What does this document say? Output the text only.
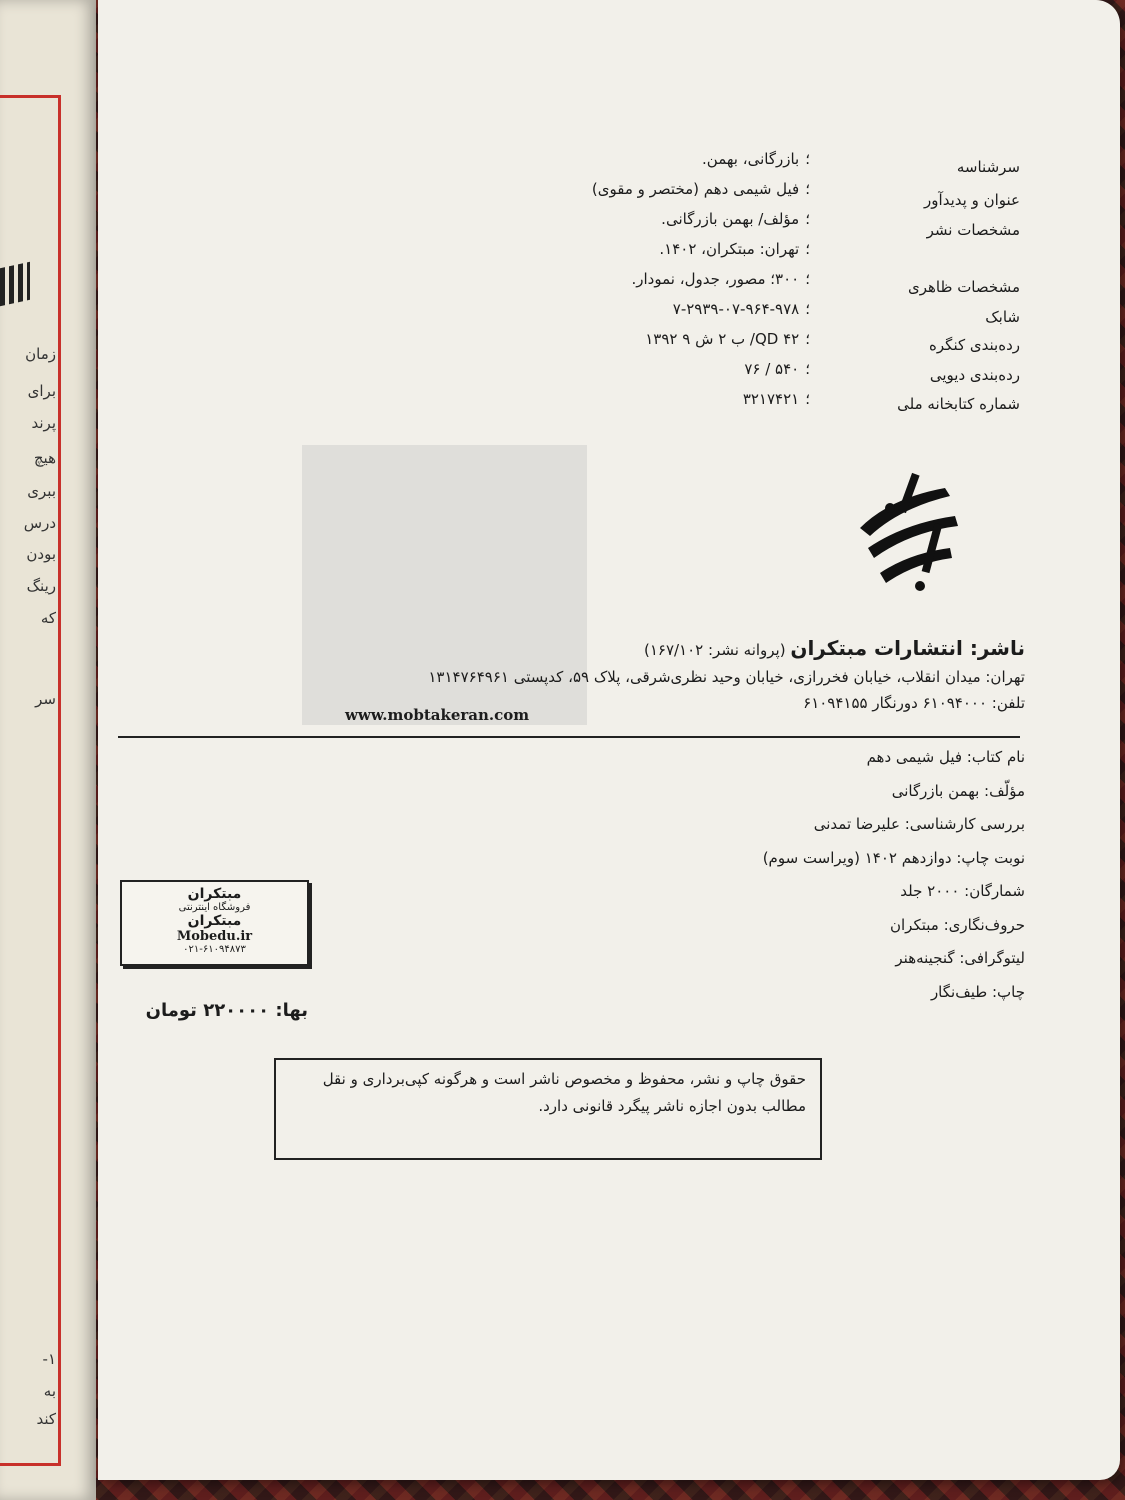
زمان
برای
پرند
هیچ
ببری
درس
بودن
رینگ
که
سر
۱-
به
کند
سرشناسه
عنوان و پدیدآور
مشخصات نشر
مشخصات ظاهری
شابک
رده‌بندی کنگره
رده‌بندی دیویی
شماره کتابخانه ملی
؛ بازرگانی، بهمن.
؛ فیل شیمی دهم (مختصر و مقوی)
؛ مؤلف/ بهمن بازرگانی.
؛ تهران: مبتکران، ۱۴۰۲.
؛ ۳۰۰؛ مصور، جدول، نمودار.
؛ ۹۷۸-۹۶۴-۰۷-۲۹۳۹-۷
؛ QD ۴۲/ ب ۲ ش ۹ ۱۳۹۲
؛ ۵۴۰ / ۷۶
؛ ۳۲۱۷۴۲۱
مبتکران
ناشر: انتشارات مبتکران (پروانه نشر: ۱۶۷/۱۰۲)
تهران: میدان انقلاب، خیابان فخررازی، خیابان وحید نظری‌شرقی، پلاک ۵۹، کدپستی ۱۳۱۴۷۶۴۹۶۱
تلفن: ۶۱۰۹۴۰۰۰ دورنگار ۶۱۰۹۴۱۵۵
www.mobtakeran.com
نام کتاب: فیل شیمی دهم
مؤلّف: بهمن بازرگانی
بررسی کارشناسی: علیرضا تمدنی
نوبت چاپ: دوازدهم ۱۴۰۲ (ویراست سوم)
شمارگان: ۲۰۰۰ جلد
حروف‌نگاری: مبتکران
لیتوگرافی: گنجینه‌هنر
چاپ: طیف‌نگار
مبتکران
فروشگاه اینترنتی
مبتکران
Mobedu.ir
۰۲۱-۶۱۰۹۴۸۷۳
بها: ۲۲۰۰۰۰ تومان
حقوق چاپ و نشر، محفوظ و مخصوص ناشر است و هرگونه کپی‌برداری و نقل مطالب بدون اجازه ناشر پیگرد قانونی دارد.
